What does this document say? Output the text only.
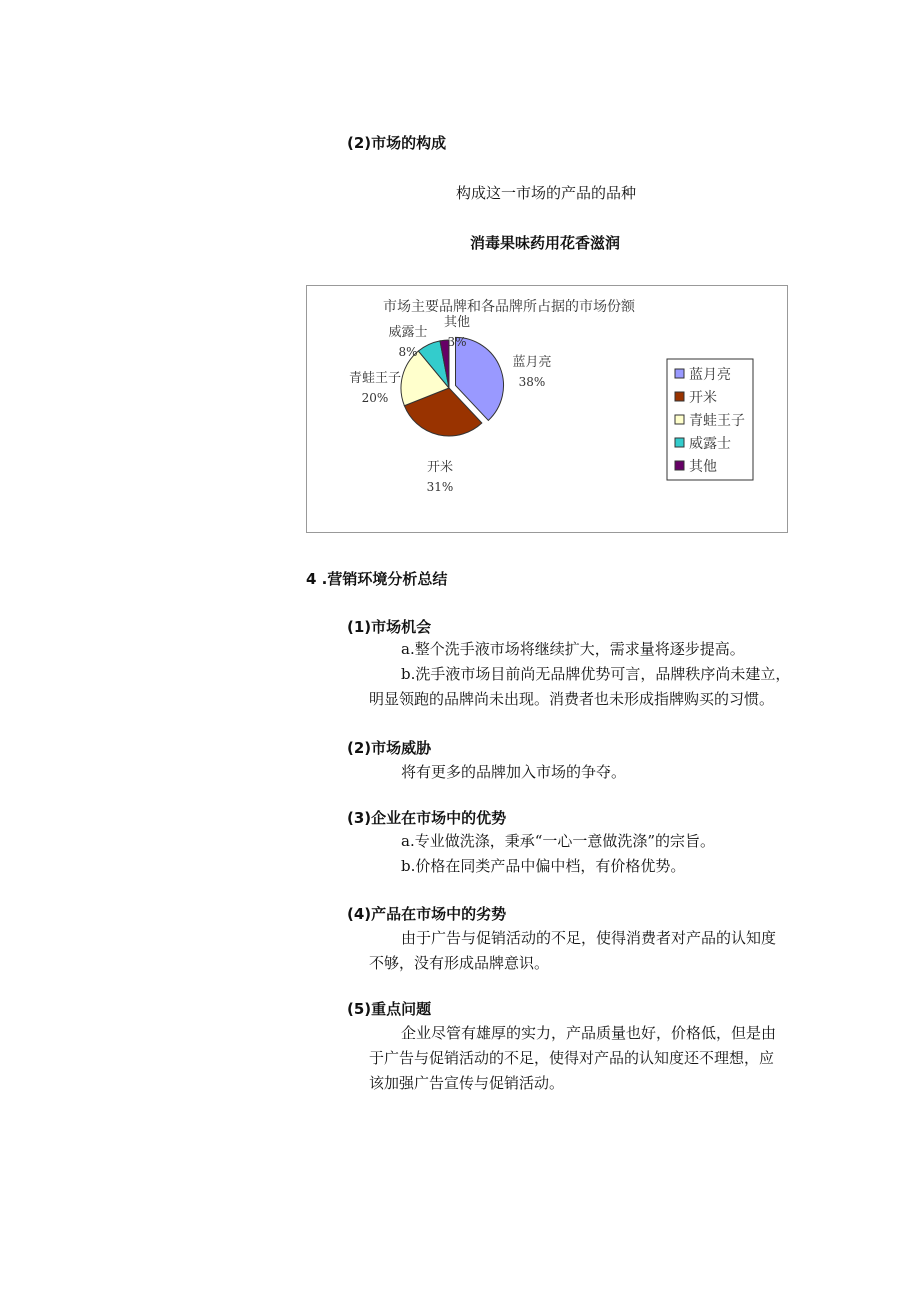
(2)市场的构成
构成这一市场的产品的品种
消毒果味药用花香滋润
市场主要品牌和各品牌所占据的市场份额
蓝月亮
38%
开米
31%
青蛙王子
20%
威露士
8%
其他
3%
蓝月亮
开米
青蛙王子
威露士
其他
4 .营销环境分析总结
(1)市场机会
a.整个洗手液市场将继续扩大，需求量将逐步提高。
b.洗手液市场目前尚无品牌优势可言，品牌秩序尚未建立，
明显领跑的品牌尚未出现。消费者也未形成指牌购买的习惯。
(2)市场威胁
将有更多的品牌加入市场的争夺。
(3)企业在市场中的优势
a.专业做洗涤，秉承“一心一意做洗涤”的宗旨。
b.价格在同类产品中偏中档，有价格优势。
(4)产品在市场中的劣势
由于广告与促销活动的不足，使得消费者对产品的认知度
不够，没有形成品牌意识。
(5)重点问题
企业尽管有雄厚的实力，产品质量也好，价格低，但是由
于广告与促销活动的不足，使得对产品的认知度还不理想，应
该加强广告宣传与促销活动。
